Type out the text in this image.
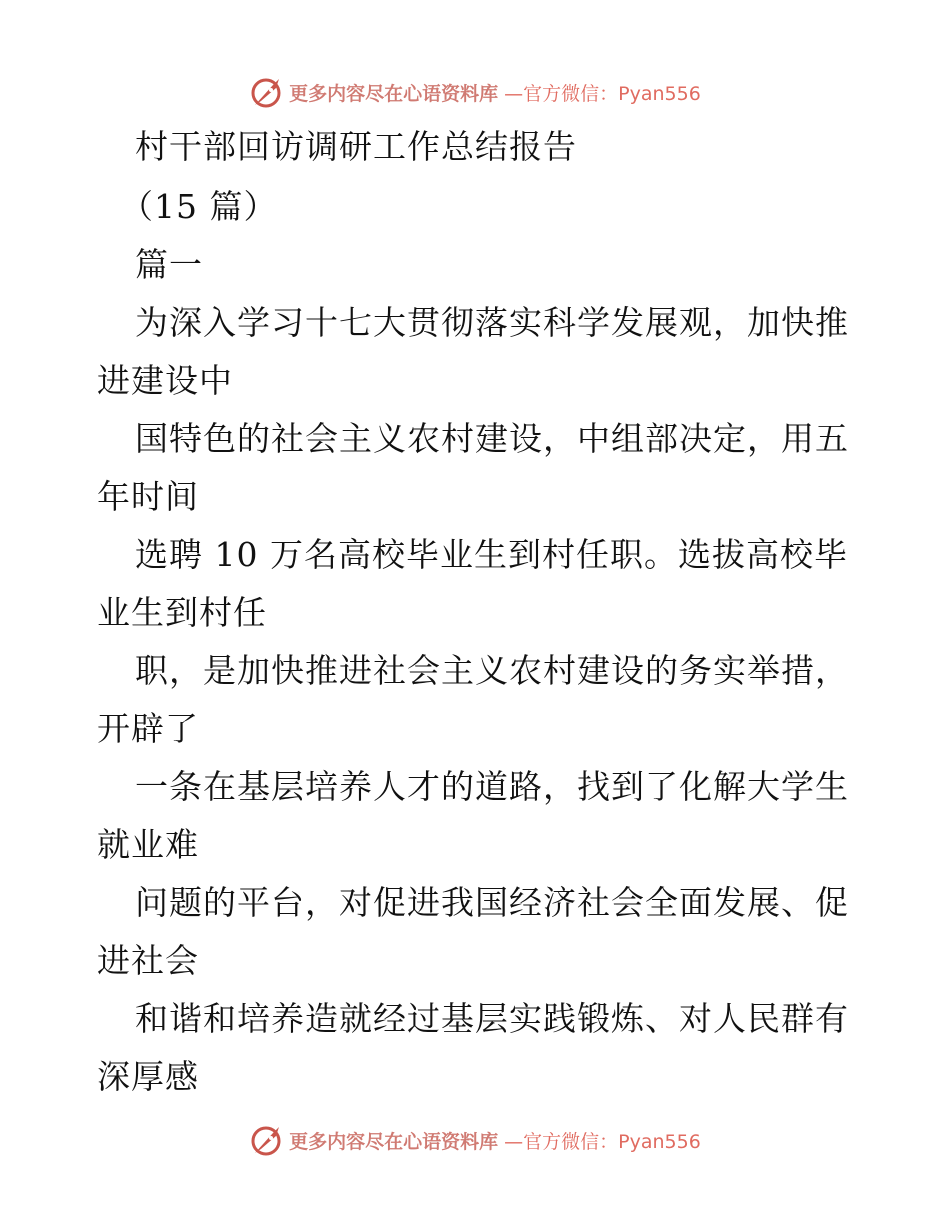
更多内容尽在心语资料库 —官方微信：Pyan556
村干部回访调研工作总结报告
（15 篇）
篇一
为深入学习十七大贯彻落实科学发展观，加快推
进建设中
国特色的社会主义农村建设，中组部决定，用五
年时间
选聘 10 万名高校毕业生到村任职。选拔高校毕
业生到村任
职，是加快推进社会主义农村建设的务实举措，
开辟了
一条在基层培养人才的道路，找到了化解大学生
就业难
问题的平台，对促进我国经济社会全面发展、促
进社会
和谐和培养造就经过基层实践锻炼、对人民群有
深厚感
更多内容尽在心语资料库 —官方微信：Pyan556
